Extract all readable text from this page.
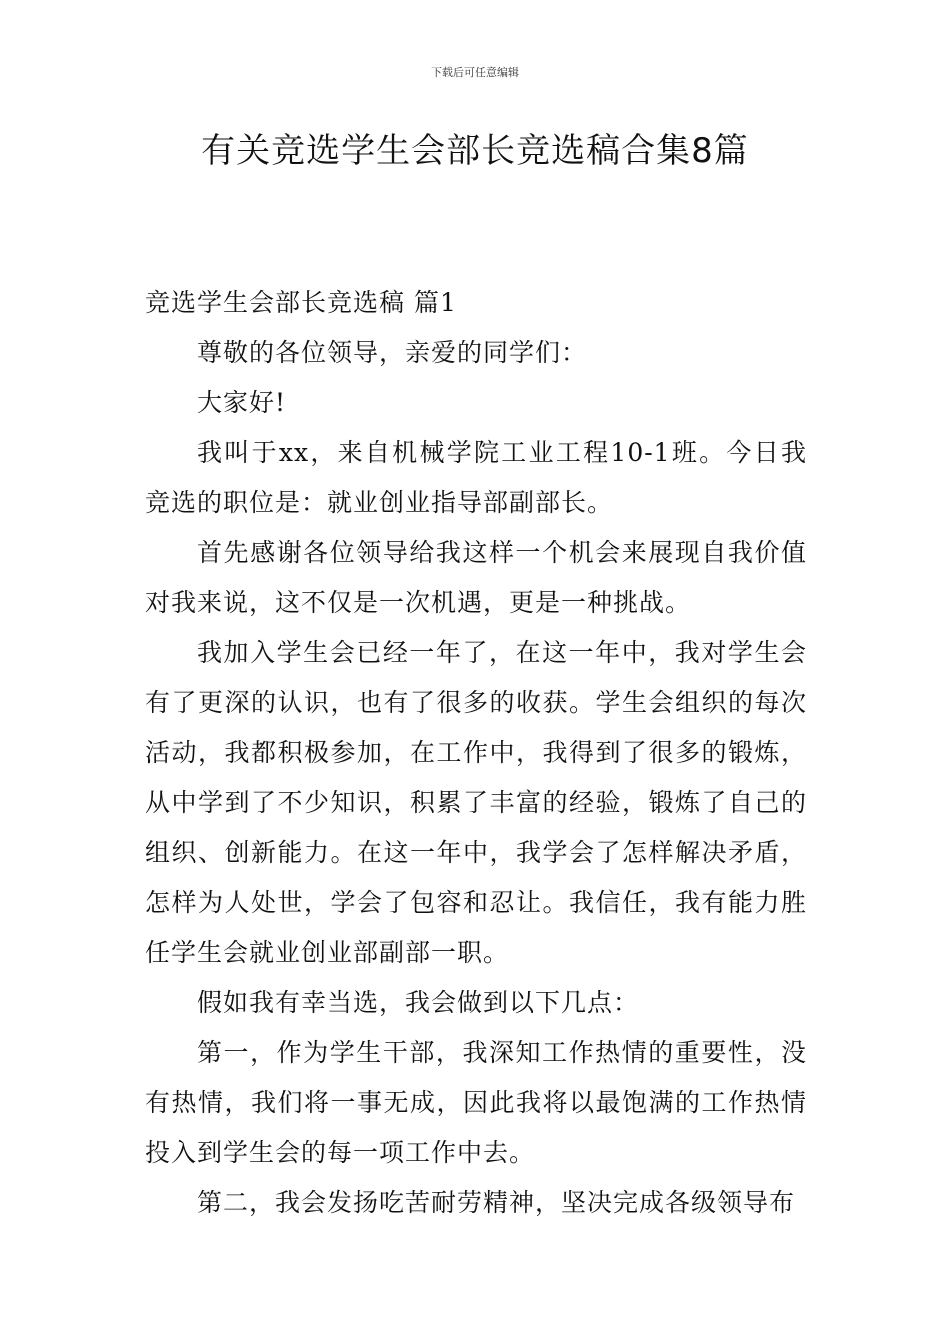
下载后可任意编辑
有关竞选学生会部长竞选稿合集8篇
竞选学生会部长竞选稿 篇1

尊敬的各位领导，亲爱的同学们：

大家好!

我叫于xx，来自机械学院工业工程10-1班。今日我竞选的职位是：就业创业指导部副部长。

首先感谢各位领导给我这样一个机会来展现自我价值对我来说，这不仅是一次机遇，更是一种挑战。

我加入学生会已经一年了，在这一年中，我对学生会有了更深的认识，也有了很多的收获。学生会组织的每次活动，我都积极参加，在工作中，我得到了很多的锻炼，从中学到了不少知识，积累了丰富的经验，锻炼了自己的组织、创新能力。在这一年中，我学会了怎样解决矛盾，怎样为人处世，学会了包容和忍让。我信任，我有能力胜任学生会就业创业部副部一职。

假如我有幸当选，我会做到以下几点：

第一，作为学生干部，我深知工作热情的重要性，没有热情，我们将一事无成，因此我将以最饱满的工作热情投入到学生会的每一项工作中去。

第二，我会发扬吃苦耐劳精神，坚决完成各级领导布
